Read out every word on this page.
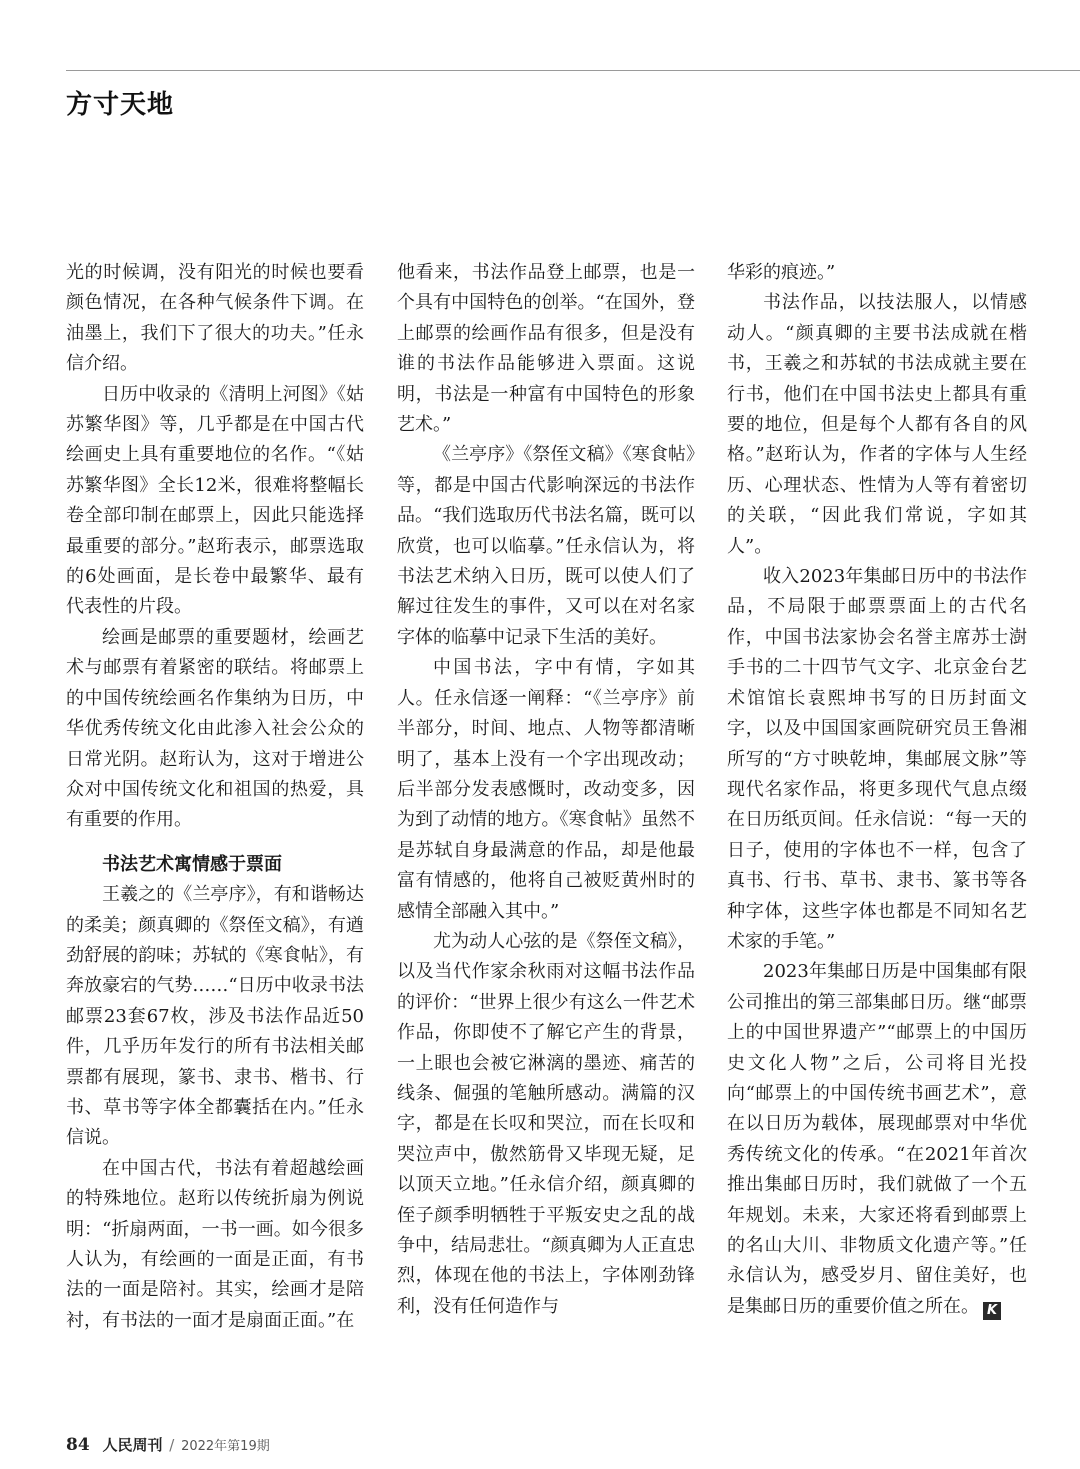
方寸天地

光的时候调，没有阳光的时候也要看颜色情况，在各种气候条件下调。在油墨上，我们下了很大的功夫。”任永信介绍。

日历中收录的《清明上河图》《姑苏繁华图》等，几乎都是在中国古代绘画史上具有重要地位的名作。“《姑苏繁华图》全长12米，很难将整幅长卷全部印制在邮票上，因此只能选择最重要的部分。”赵珩表示，邮票选取的6处画面，是长卷中最繁华、最有代表性的片段。

绘画是邮票的重要题材，绘画艺术与邮票有着紧密的联结。将邮票上的中国传统绘画名作集纳为日历，中华优秀传统文化由此渗入社会公众的日常光阴。赵珩认为，这对于增进公众对中国传统文化和祖国的热爱，具有重要的作用。

书法艺术寓情感于票面

王羲之的《兰亭序》，有和谐畅达的柔美；颜真卿的《祭侄文稿》，有遒劲舒展的韵味；苏轼的《寒食帖》，有奔放豪宕的气势……“日历中收录书法邮票23套67枚，涉及书法作品近50件，几乎历年发行的所有书法相关邮票都有展现，篆书、隶书、楷书、行书、草书等字体全都囊括在内。”任永信说。

在中国古代，书法有着超越绘画的特殊地位。赵珩以传统折扇为例说明：“折扇两面，一书一画。如今很多人认为，有绘画的一面是正面，有书法的一面是陪衬。其实，绘画才是陪衬，有书法的一面才是扇面正面。”在

他看来，书法作品登上邮票，也是一个具有中国特色的创举。“在国外，登上邮票的绘画作品有很多，但是没有谁的书法作品能够进入票面。这说明，书法是一种富有中国特色的形象艺术。”

《兰亭序》《祭侄文稿》《寒食帖》等，都是中国古代影响深远的书法作品。“我们选取历代书法名篇，既可以欣赏，也可以临摹。”任永信认为，将书法艺术纳入日历，既可以使人们了解过往发生的事件，又可以在对名家字体的临摹中记录下生活的美好。

中国书法，字中有情，字如其人。任永信逐一阐释：“《兰亭序》前半部分，时间、地点、人物等都清晰明了，基本上没有一个字出现改动；后半部分发表感慨时，改动变多，因为到了动情的地方。《寒食帖》虽然不是苏轼自身最满意的作品，却是他最富有情感的，他将自己被贬黄州时的感情全部融入其中。”

尤为动人心弦的是《祭侄文稿》，以及当代作家余秋雨对这幅书法作品的评价：“世界上很少有这么一件艺术作品，你即使不了解它产生的背景，一上眼也会被它淋漓的墨迹、痛苦的线条、倔强的笔触所感动。满篇的汉字，都是在长叹和哭泣，而在长叹和哭泣声中，傲然筋骨又毕现无疑，足以顶天立地。”任永信介绍，颜真卿的侄子颜季明牺牲于平叛安史之乱的战争中，结局悲壮。“颜真卿为人正直忠烈，体现在他的书法上，字体刚劲锋利，没有任何造作与

华彩的痕迹。”

书法作品，以技法服人，以情感动人。“颜真卿的主要书法成就在楷书，王羲之和苏轼的书法成就主要在行书，他们在中国书法史上都具有重要的地位，但是每个人都有各自的风格。”赵珩认为，作者的字体与人生经历、心理状态、性情为人等有着密切的关联，“因此我们常说，字如其人”。

收入2023年集邮日历中的书法作品，不局限于邮票票面上的古代名作，中国书法家协会名誉主席苏士澍手书的二十四节气文字、北京金台艺术馆馆长袁熙坤书写的日历封面文字，以及中国国家画院研究员王鲁湘所写的“方寸映乾坤，集邮展文脉”等现代名家作品，将更多现代气息点缀在日历纸页间。任永信说：“每一天的日子，使用的字体也不一样，包含了真书、行书、草书、隶书、篆书等各种字体，这些字体也都是不同知名艺术家的手笔。”

2023年集邮日历是中国集邮有限公司推出的第三部集邮日历。继“邮票上的中国世界遗产”“邮票上的中国历史文化人物”之后，公司将目光投向“邮票上的中国传统书画艺术”，意在以日历为载体，展现邮票对中华优秀传统文化的传承。“在2021年首次推出集邮日历时，我们就做了一个五年规划。未来，大家还将看到邮票上的名山大川、非物质文化遗产等。”任永信认为，感受岁月、留住美好，也是集邮日历的重要价值之所在。 K

84 人民周刊 / 2022年第19期
